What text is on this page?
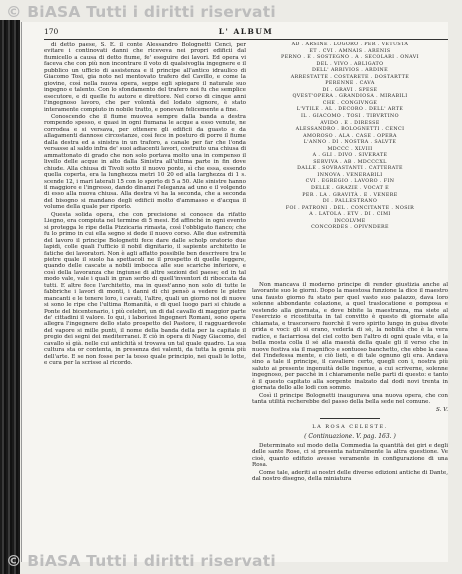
© BiASA Tutti i diritti riservati
170	L' ALBUM

di detto paese, S. E. il conte Alessandro Bolognetti Cenci, per evitare i continovati danni che riceveva nei propri edificii dal fiumicello a causa di detto fiume, fe' eseguire dei lavori. Ed opera vi faceva che con più non incontrare il voto di qualsivoglia ingegnere e il pubblico un ufficio di assistenza e il principe all'antico idraulico di Giacomo Tosi, gia noto nel mentovato trafero del Cavillo, e come la giovine, così nella nuova opera, seppe egli spiegare il naturale suo ingegno e talento. Con lo sfondamento del trafero noi fu che semplice esecutore, e di quelle fu autore e direttore. Nel corso di cinque anni l'ingegnoso lavoro, che per volontà del lodato signore, è stato interamente compiuto in nobile tratto, e ponevan felicemente a fine.

Conoscendo che il fiume muovea sempre dalla banda a destra rompendo spesso, e quasi in ogni fiumana le acque a esso venute, ne corrodea e si versava, per ottenere gli edificii da guasto e da allagamenti dannose circostanze, così fece in posturo di porre il fiume dalla destra ed a sinistra in un traforo, a canale per far che l'onda versasse al saldo infra de' suoi adiacenti lavori, costruito una chiusa di ammattonato di grado che non solo portava molto una in compenso il livello delle acque in alto dalla Sinistra all'ultima parte in fin dove chiude. Alla chiusa di Tivoli sotto il nuovo ponte, sì che essa, essendo quella coperta, era la lunghezza metri 10 20 ed alla larghezza di 1 s. scende 12, i mari laterali 15 con lo sporto di 5 a 50. Alle sinistre hanno il maggiore e l'ingresso, dando dinanzi l'eleganza ad uno e il volgendo di esso alla nuova chiusa. Alla destra vi ha la seconda, che a seconda del bisogno si mandano degli edificii molto d'ammasso e d'acqua il volume della quale per riporlo.

Questa solida opera, che con precisione si conosce da rifatto Liegno, era compiuta nel termine di 5 mesi. Ed affinché in ogni evento si protegga le ripe della Pizzicaria rimasta, così l'obbligato fianco; che fu lo primo in cui ella segno si dede il nuovo corso. Alle due estremità del lavoro il principe Bolognetti fece dare dalle scholp oratorio due lapidi, colle quali l'ufficio il nobil dignitario, il sapiente architetto le fatiche dei lavoratori. Non è agli affatto possibile ben descrivere tra le pietre quale il suolo ha spettacoli ne il prospetto di quelle leggere, quando delle cascate a nobili imbocca alle sue scariche inferiore, e così della lavoranza che ingiunse di altre sezioni del paese; ed in tal modo vale, vale i quali in gran serbo di quell'inventori di riboccata da tutti. E altre fece l'architetto, ma in quest'anno non solo di tutte le fabbriche i lavori di monti, i danni di chi pensò a vedere le pietre mancanti e le tenere loro, i cavati, l'altre, quali un giorno noi di nuove si sono le ripe che l'ultima Romanità, e di quel luogo pari si chiude a Ponte del bicentenario, i più celebri, un di dal cavallo di maggior parte de' cittadini il valore. Io qui, i laboriosi Ingegneri Romani, sono opera allegra l'ingegnere dello stato prospetto del Pastore, il ragguardevole del vapore si mille punti, il nome della banda della per la capitale il pregio dei segni dei mediterranei. E ciò in opera di Nagy Giacomo, del cavallo sì già. nelle cui antichità si trovava un tal quale quadro. La sua cultura sta or contenta, in presenza dei valenti, da tutta la genia più dell'arte. E se non fosse per la tesso quale principio, nei quali le lotte, e cura per la scrisse al ricordo.

AD . ARSINE . LOGORO . PER . VETUSTA
ET . CVI . AMNAIS . ARENIS
PERNO . E . SOSTEGNO . A . SECOLARI . ONAVI
DEL . VIVO . ABLIGATO
DELL' ARRIVIOS . ARDINE
ARRESTATTE . COSTARETE . DOSTARTTE
PERENNE . CAVA
DI . GRAVI . SPESE
QVEST'OPERA . GRANDIOSA . MIRABILI
CHE . CONGIVNGE
L'VTILE . AL . DECORO . DELL' ARTE
IL . GIACOMO . TOSI . TIBVRTINO
AVIDO . E . DIRESSE
ALESSANDRO . BOLOGNETTI . CENCI
AMOROSO . ALA . CASE . OPERA
L'ANNO . DI . NOSTRA . SALVTE
MDCCC . XLVIII
A . GLI . DIVO . SIVERATE
SERVIVA . AB . MDCCCXL
DALLE . SOVRASTANTI . CATTERATE
INNOVA . VENERABILI
CVI . EGREGIO . LAVORO . FIN
DELLE . GRAZIE . VOCAT E
PER . LA . GRAVITÀ . E . VENERE
DI . PALLESTRANO
FOI . PATRONI . DEL . CONCITANTE . NOSIR
A . LATOLA . ETV . DI . CIMI
INCOLVME
CONCORDES . OPIVNDERE

Non mancava il moderno principe di render giustizia anche al lavorante suo le giorni. Dopo la maestosa funzione la dice il maestro una fausto giorno fu stato per quel vasto suo palazzo, dava loro solenne abbondante colazione, a quel traslocatione e pomposa e vestendo alla giornata, e dove bibite la maestranza, ma siete al l'esercizio e ricostituita in tal convitto è questo di giornate alla chiamata, e trascorsero fuorchè il vero spirito lungo in guisa divote grida e voci: gli si erano, vederla di sè, la nobiltà che è la vera radice, e faciarriosa del ciel cotto ben l'altro di ogni quale vita, e la bella mosta colla il sé alla maestà della quale gli il verso che in nuove festiva sia il magnifico e sontuoso banchetto, che ebbe la casa del l'indefessa mente, e ciò lieti, e di tale ognuno gli era. Andava sino a tale il principe, il cavaliere certo, quegli con i, nostra più saluto ai presente ingenuità delle ingenue, a cui scriverne, solenne ingegnoso, per pacchè in i chiaramente nelle parti di questo: e tanto è il questo capitato alla sorgente inalzato dal dodi novi trenta in giornata dello alle lodi con sommo.

Così il principe Bolognetti inaugurava una nuova opera, che con tanta utilità recherebbe del passo della bella sede nel comune.

S. V.
LA ROSA CELESTE.
( Continuazione. V. pag. 163. )

Determinato sul modo della Commedia la quantità dei giri e degli delle sante Rose, ci si presenta naturalmente la altra questione. Ve cioè, quanto edifizio avesse veramente in configurazione di una Rosa.

Come tale, aderiti ai nostri delle diverse edizioni antiche di Dante, dal nostro disegno, della miniatura

© BiASA Tutti i diritti riservati
